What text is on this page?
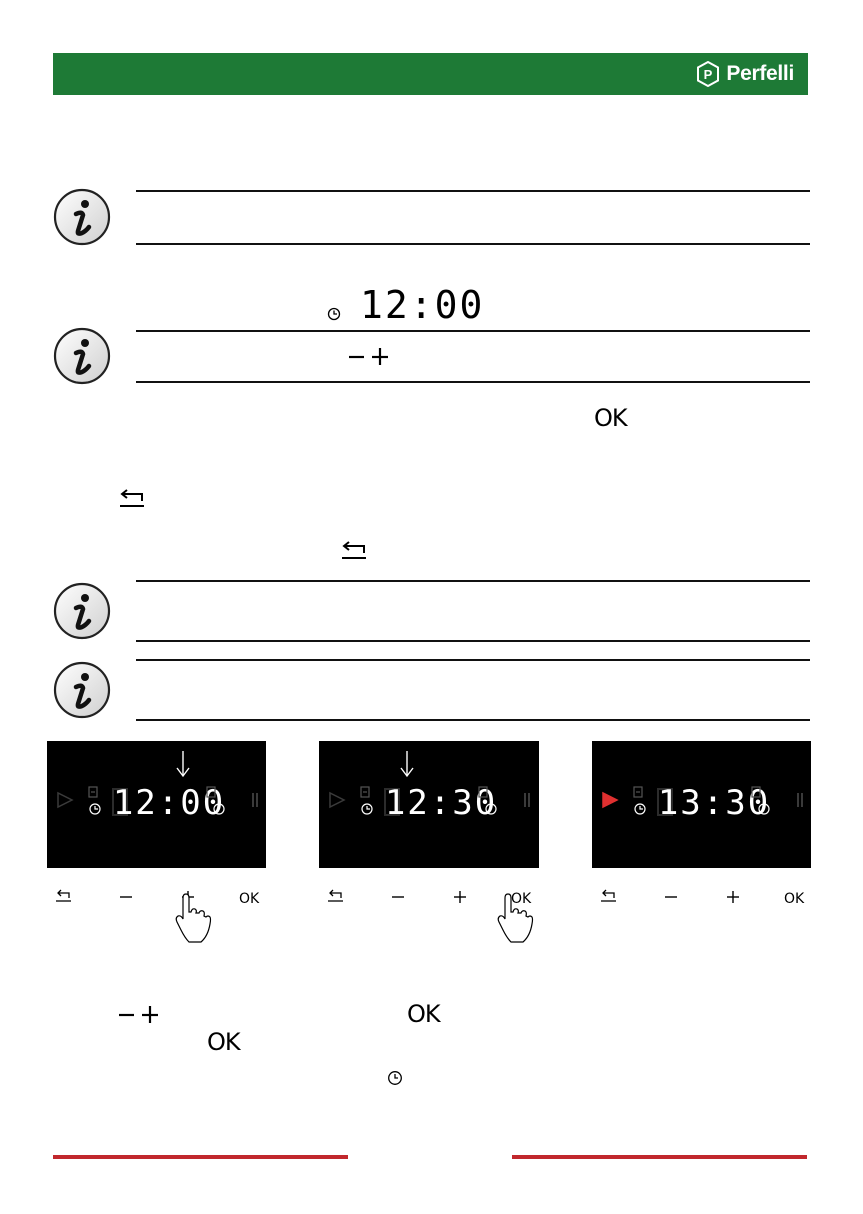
P Perfelli
12:00
OK
12:00
OK
12:30
OK
13:30
OK
OK
OK
